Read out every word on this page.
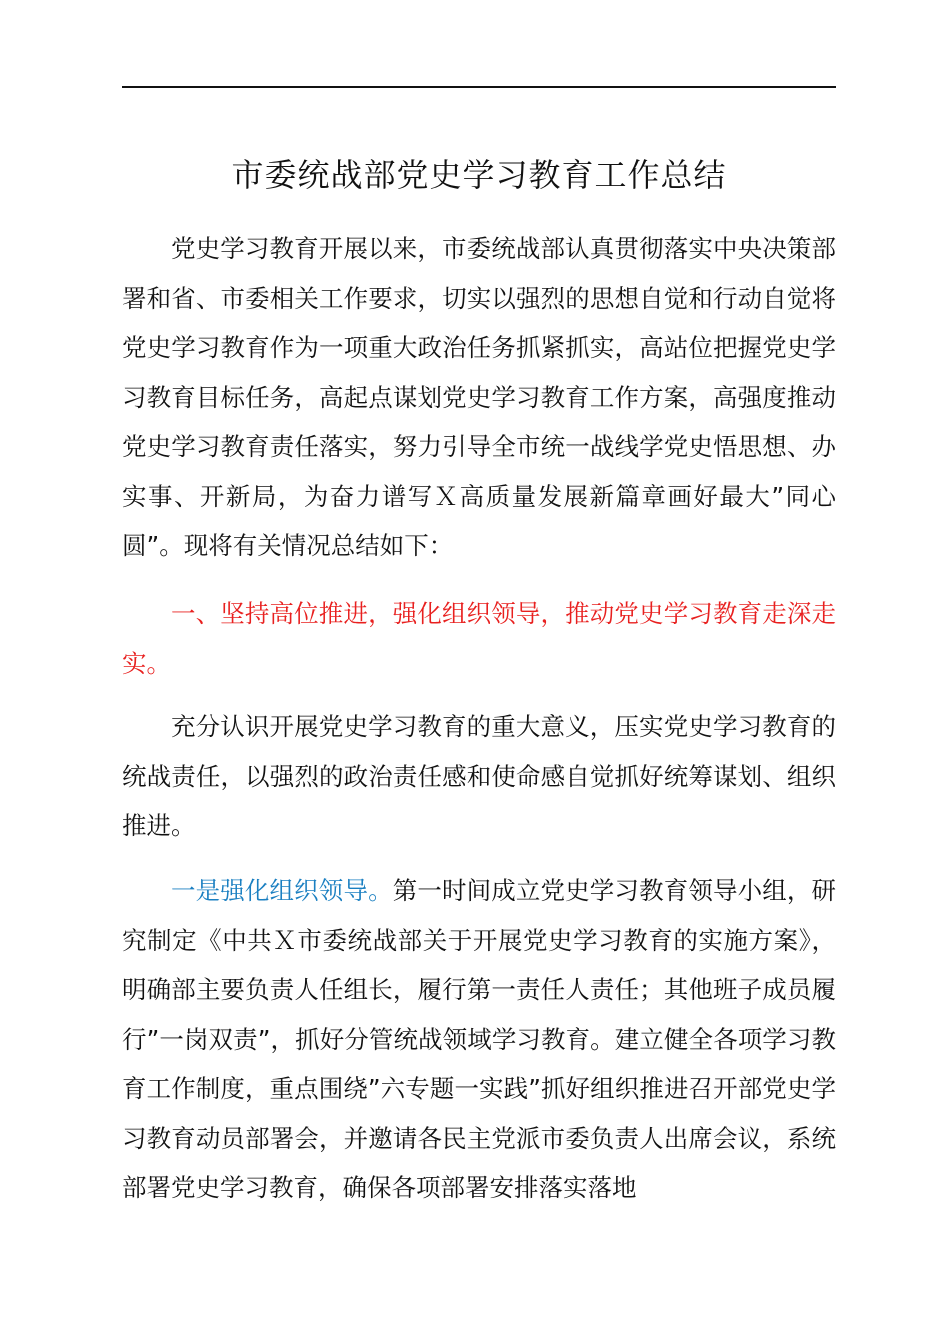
市委统战部党史学习教育工作总结

党史学习教育开展以来，市委统战部认真贯彻落实中央决策部署和省、市委相关工作要求，切实以强烈的思想自觉和行动自觉将党史学习教育作为一项重大政治任务抓紧抓实，高站位把握党史学习教育目标任务，高起点谋划党史学习教育工作方案，高强度推动党史学习教育责任落实，努力引导全市统一战线学党史悟思想、办实事、开新局，为奋力谱写Ｘ高质量发展新篇章画好最大”同心圆”。现将有关情况总结如下：

一、坚持高位推进，强化组织领导，推动党史学习教育走深走实。

充分认识开展党史学习教育的重大意义，压实党史学习教育的统战责任，以强烈的政治责任感和使命感自觉抓好统筹谋划、组织推进。

一是强化组织领导。第一时间成立党史学习教育领导小组，研究制定《中共Ｘ市委统战部关于开展党史学习教育的实施方案》，明确部主要负责人任组长，履行第一责任人责任；其他班子成员履行”一岗双责”，抓好分管统战领域学习教育。建立健全各项学习教育工作制度，重点围绕”六专题一实践”抓好组织推进召开部党史学习教育动员部署会，并邀请各民主党派市委负责人出席会议，系统部署党史学习教育，确保各项部署安排落实落地
